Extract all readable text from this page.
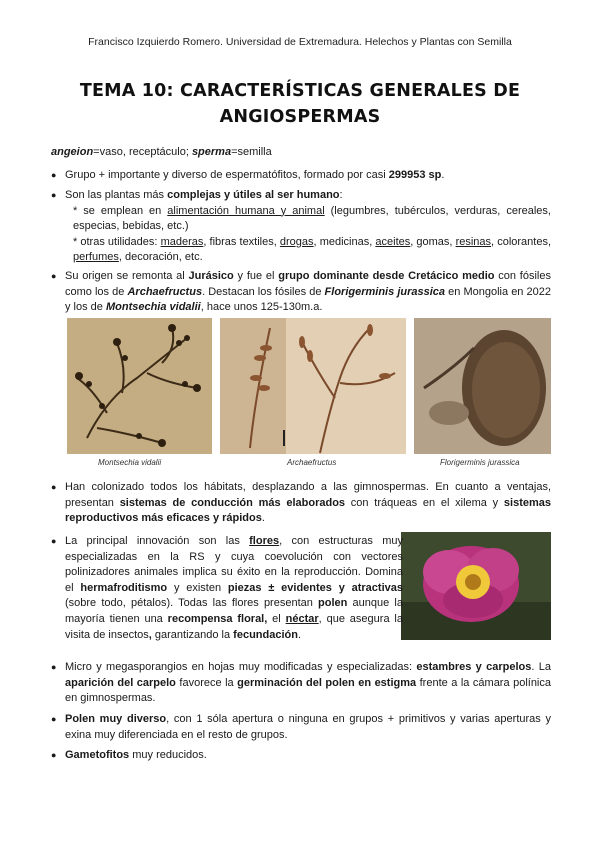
Francisco Izquierdo Romero. Universidad de Extremadura. Helechos y Plantas con Semilla
TEMA 10: CARACTERÍSTICAS GENERALES DE
ANGIOSPERMAS
angeion=vaso, receptáculo; sperma=semilla
● Grupo + importante y diverso de espermatófitos, formado por casi 299953 sp.
● Son las plantas más complejas y útiles al ser humano:
* se emplean en alimentación humana y animal (legumbres, tubérculos, verduras, cereales, especias, bebidas, etc.)
* otras utilidades: maderas, fibras textiles, drogas, medicinas, aceites, gomas, resinas, colorantes, perfumes, decoración, etc.
● Su origen se remonta al Jurásico y fue el grupo dominante desde Cretácico medio con fósiles como los de Archaefructus. Destacan los fósiles de Florigerminis jurassica en Mongolia en 2022 y los de Montsechia vidalii, hace unos 125-130m.a.
Montsechia vidalii	Archaefructus	Florigerminis jurassica
● Han colonizado todos los hábitats, desplazando a las gimnospermas. En cuanto a ventajas, presentan sistemas de conducción más elaborados con tráqueas en el xilema y sistemas reproductivos más eficaces y rápidos.
● La principal innovación son las flores, con estructuras muy especializadas en la RS y cuya coevolución con vectores polinizadores animales implica su éxito en la reproducción. Domina el hermafroditismo y existen piezas ± evidentes y atractivas (sobre todo, pétalos). Todas las flores presentan polen aunque la mayoría tienen una recompensa floral, el néctar, que asegura la visita de insectos, garantizando la fecundación.
● Micro y megasporangios en hojas muy modificadas y especializadas: estambres y carpelos. La aparición del carpelo favorece la germinación del polen en estigma frente a la cámara polínica en gimnospermas.
● Polen muy diverso, con 1 sóla apertura o ninguna en grupos + primitivos y varias aperturas y exina muy diferenciada en el resto de grupos.
● Gametofitos muy reducidos.
